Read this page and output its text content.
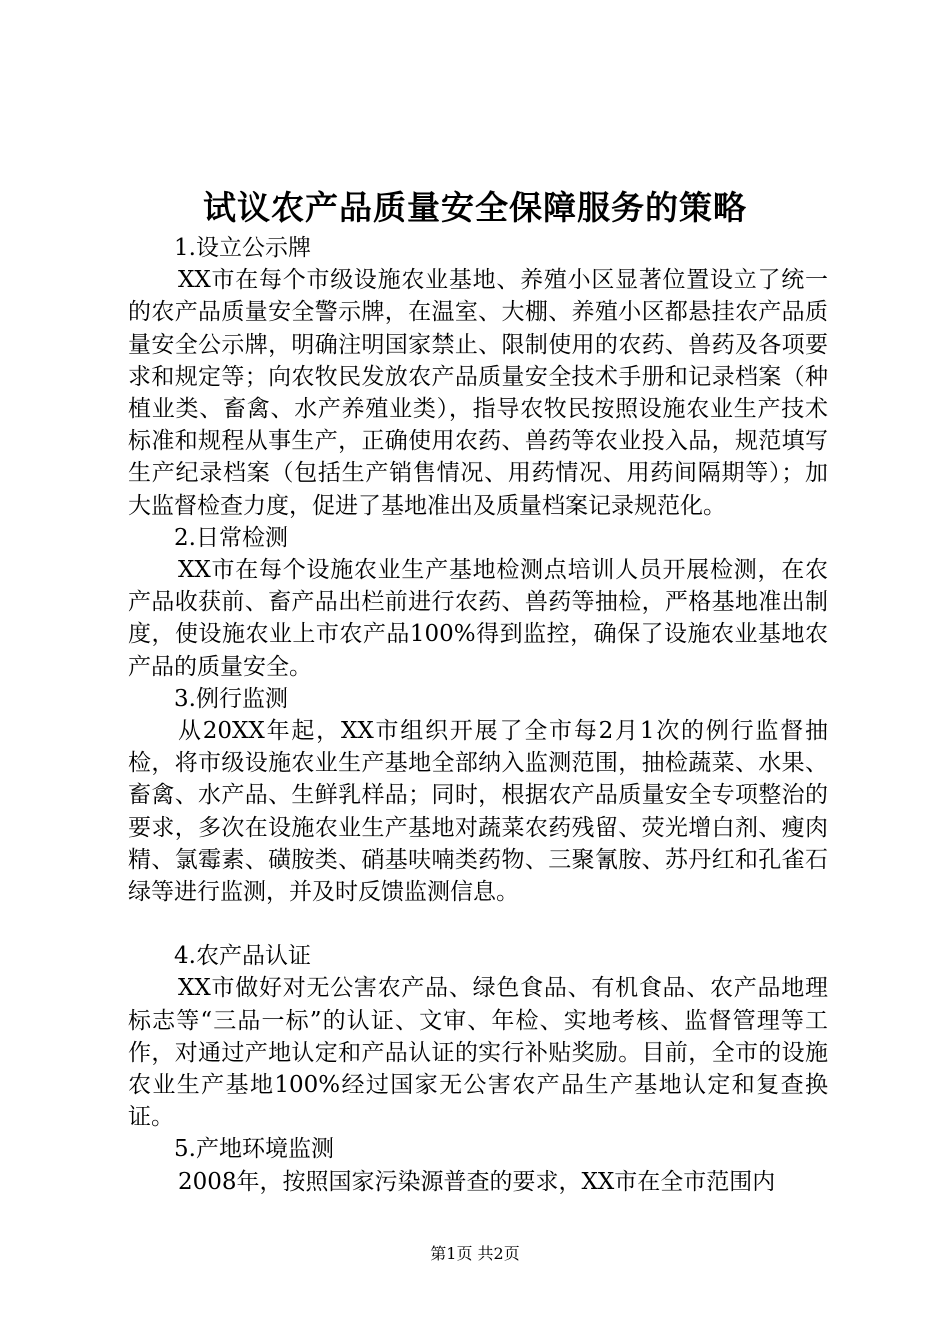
试议农产品质量安全保障服务的策略

1.设立公示牌

XX市在每个市级设施农业基地、养殖小区显著位置设立了统一的农产品质量安全警示牌，在温室、大棚、养殖小区都悬挂农产品质量安全公示牌，明确注明国家禁止、限制使用的农药、兽药及各项要求和规定等；向农牧民发放农产品质量安全技术手册和记录档案（种植业类、畜禽、水产养殖业类），指导农牧民按照设施农业生产技术标准和规程从事生产，正确使用农药、兽药等农业投入品，规范填写生产纪录档案（包括生产销售情况、用药情况、用药间隔期等）；加大监督检查力度，促进了基地准出及质量档案记录规范化。

2.日常检测

XX市在每个设施农业生产基地检测点培训人员开展检测，在农产品收获前、畜产品出栏前进行农药、兽药等抽检，严格基地准出制度，使设施农业上市农产品100%得到监控，确保了设施农业基地农产品的质量安全。

3.例行监测

从20XX年起，XX市组织开展了全市每2月1次的例行监督抽检，将市级设施农业生产基地全部纳入监测范围，抽检蔬菜、水果、畜禽、水产品、生鲜乳样品；同时，根据农产品质量安全专项整治的要求，多次在设施农业生产基地对蔬菜农药残留、荧光增白剂、瘦肉精、氯霉素、磺胺类、硝基呋喃类药物、三聚氰胺、苏丹红和孔雀石绿等进行监测，并及时反馈监测信息。

4.农产品认证

XX市做好对无公害农产品、绿色食品、有机食品、农产品地理标志等“三品一标”的认证、文审、年检、实地考核、监督管理等工作，对通过产地认定和产品认证的实行补贴奖励。目前，全市的设施农业生产基地100%经过国家无公害农产品生产基地认定和复查换证。

5.产地环境监测

2008年，按照国家污染源普查的要求，XX市在全市范围内

第1页 共2页
